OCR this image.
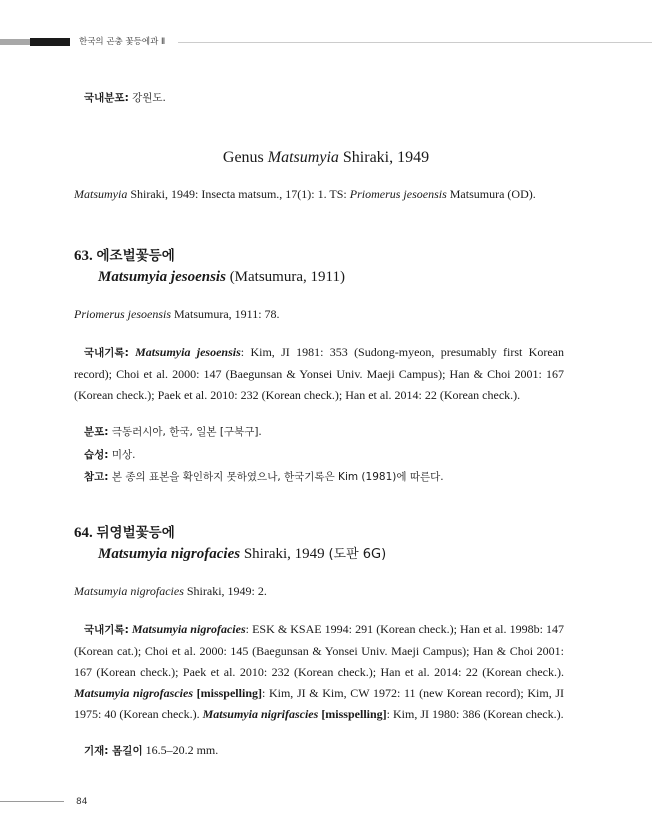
한국의 곤충 꽃등에과 Ⅱ
국내분포: 강원도.
Genus Matsumyia Shiraki, 1949
Matsumyia Shiraki, 1949: Insecta matsum., 17(1): 1. TS: Priomerus jesoensis Matsumura (OD).
63. 에조벌꽃등에
Matsumyia jesoensis (Matsumura, 1911)
Priomerus jesoensis Matsumura, 1911: 78.
국내기록: Matsumyia jesoensis: Kim, JI 1981: 353 (Sudong-myeon, presumably first Korean record); Choi et al. 2000: 147 (Baegunsan & Yonsei Univ. Maeji Campus); Han & Choi 2001: 167 (Korean check.); Paek et al. 2010: 232 (Korean check.); Han et al. 2014: 22 (Korean check.).
분포: 극동러시아, 한국, 일본 [구북구].
습성: 미상.
참고: 본 종의 표본을 확인하지 못하였으나, 한국기록은 Kim (1981)에 따른다.
64. 뒤영벌꽃등에
Matsumyia nigrofacies Shiraki, 1949 (도판 6G)
Matsumyia nigrofacies Shiraki, 1949: 2.
국내기록: Matsumyia nigrofacies: ESK & KSAE 1994: 291 (Korean check.); Han et al. 1998b: 147 (Korean cat.); Choi et al. 2000: 145 (Baegunsan & Yonsei Univ. Maeji Campus); Han & Choi 2001: 167 (Korean check.); Paek et al. 2010: 232 (Korean check.); Han et al. 2014: 22 (Korean check.). Matsumyia nigrofascies [misspelling]: Kim, JI & Kim, CW 1972: 11 (new Korean record); Kim, JI 1975: 40 (Korean check.). Matsumyia nigrifascies [misspelling]: Kim, JI 1980: 386 (Korean check.).
기재: 몸길이 16.5–20.2 mm.
84
